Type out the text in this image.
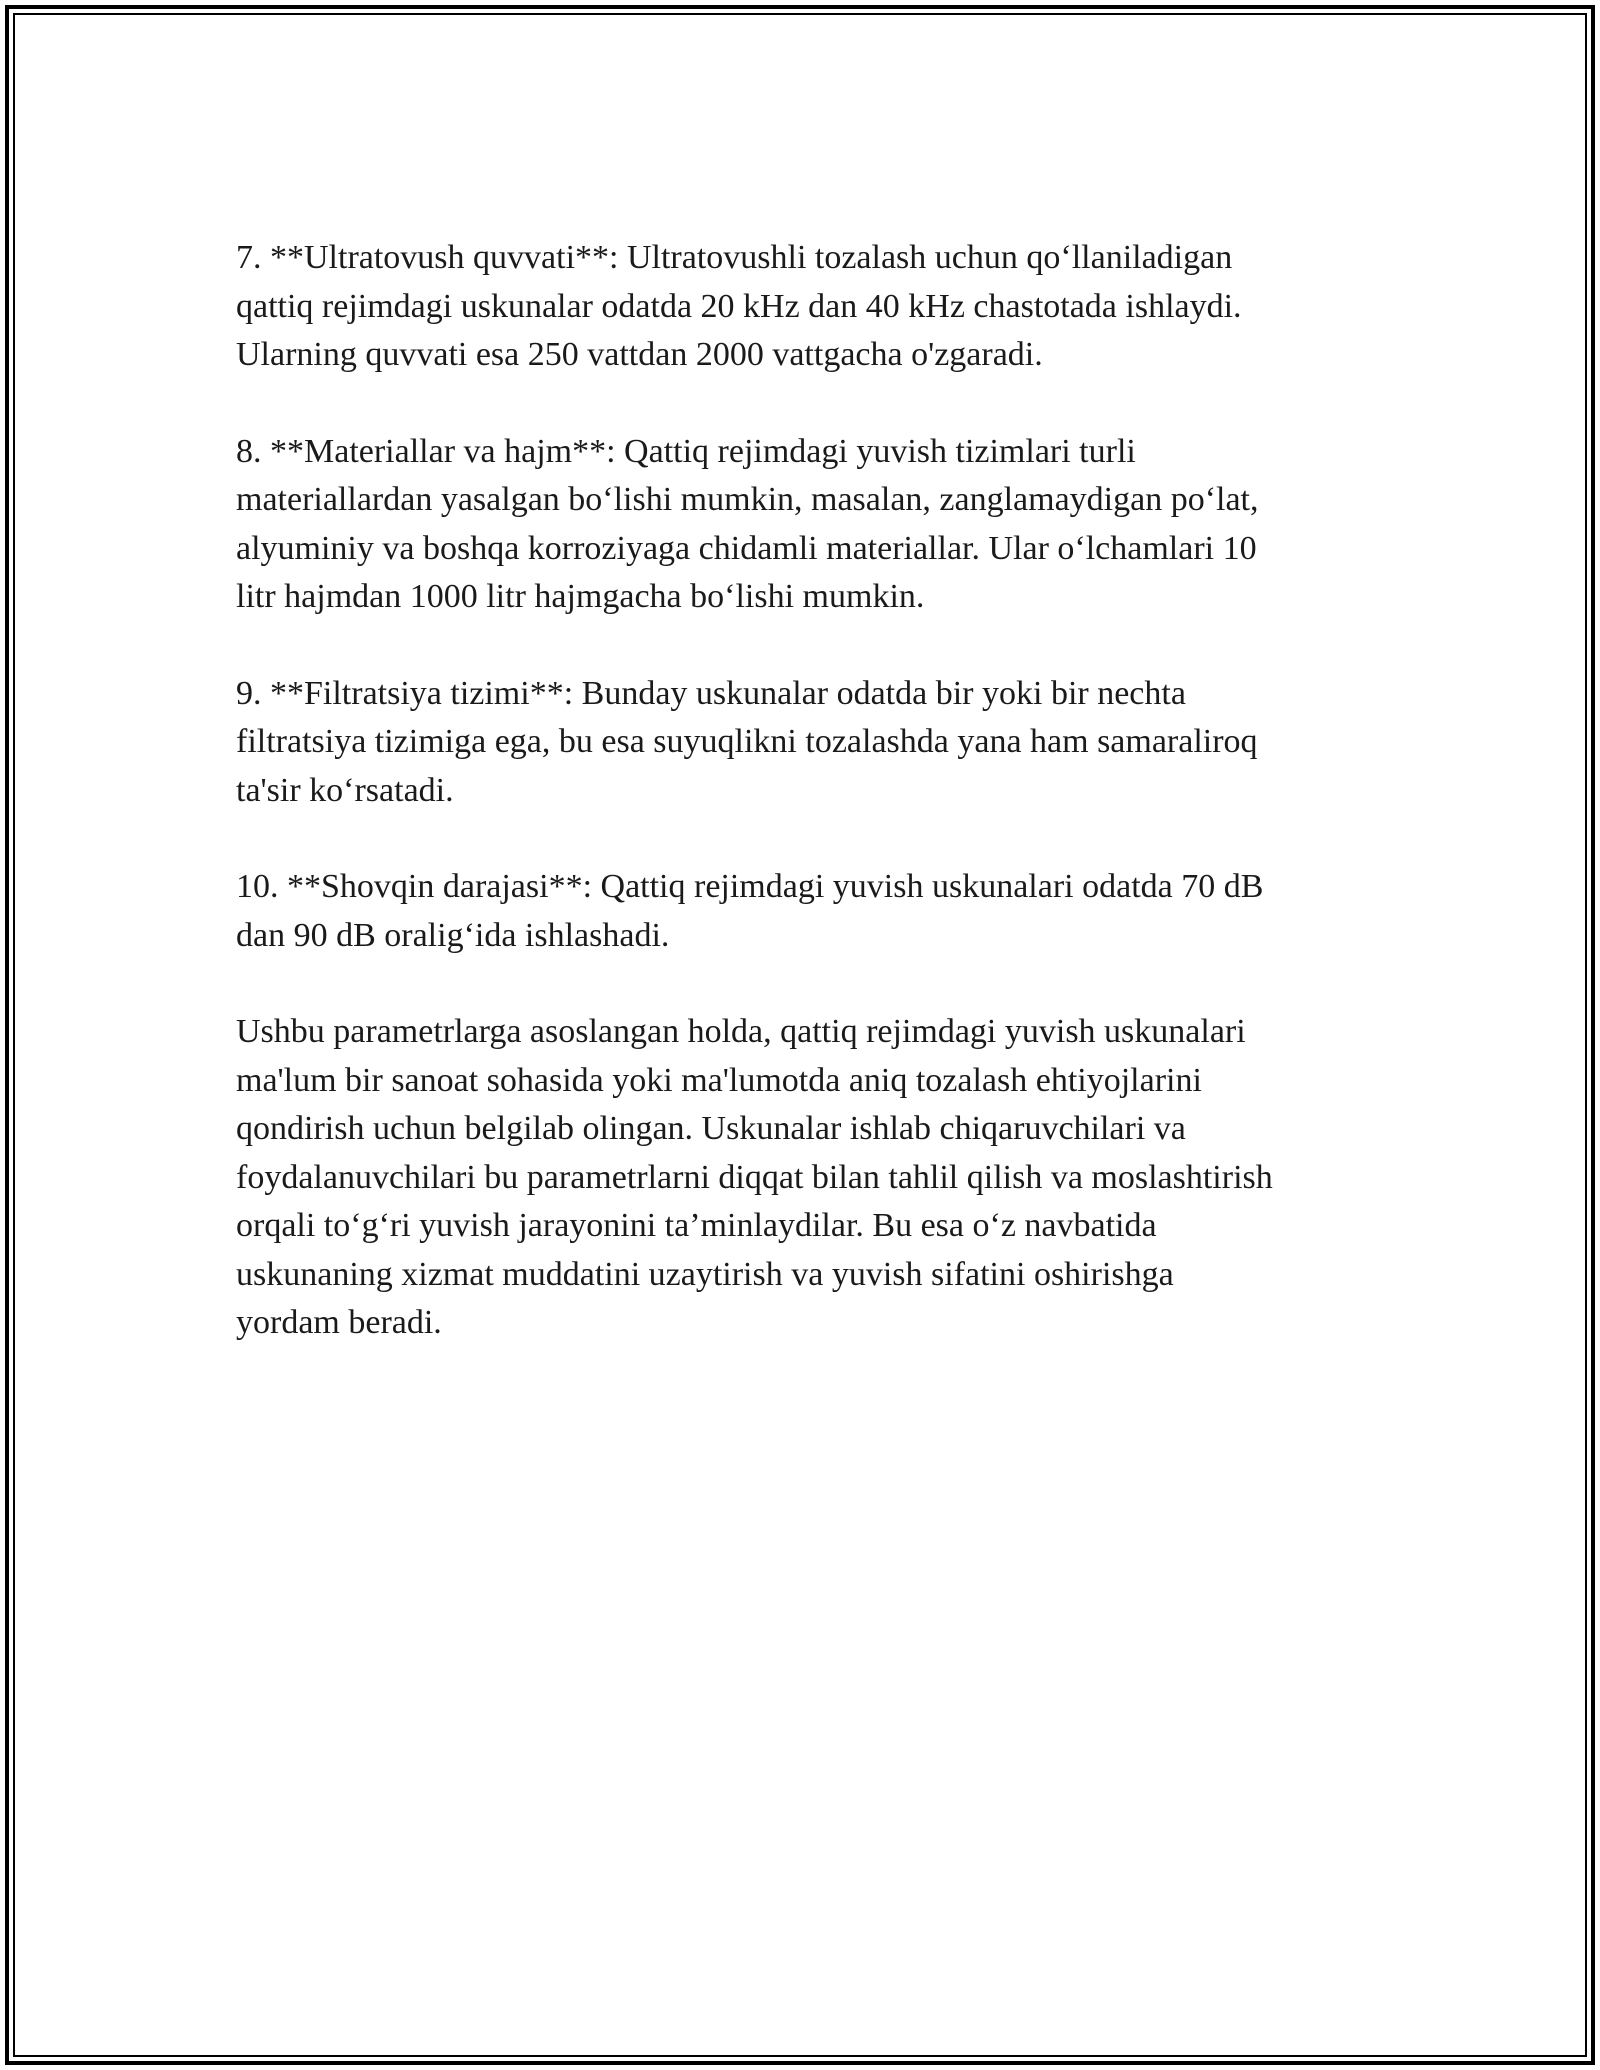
7. **Ultratovush quvvati**: Ultratovushli tozalash uchun qo‘llaniladigan
qattiq rejimdagi uskunalar odatda 20 kHz dan 40 kHz chastotada ishlaydi.
Ularning quvvati esa 250 vattdan 2000 vattgacha o'zgaradi.

8. **Materiallar va hajm**: Qattiq rejimdagi yuvish tizimlari turli
materiallardan yasalgan bo‘lishi mumkin, masalan, zanglamaydigan po‘lat,
alyuminiy va boshqa korroziyaga chidamli materiallar. Ular o‘lchamlari 10
litr hajmdan 1000 litr hajmgacha bo‘lishi mumkin.

9. **Filtratsiya tizimi**: Bunday uskunalar odatda bir yoki bir nechta
filtratsiya tizimiga ega, bu esa suyuqlikni tozalashda yana ham samaraliroq
ta'sir ko‘rsatadi.

10. **Shovqin darajasi**: Qattiq rejimdagi yuvish uskunalari odatda 70 dB
dan 90 dB oralig‘ida ishlashadi.

Ushbu parametrlarga asoslangan holda, qattiq rejimdagi yuvish uskunalari
ma'lum bir sanoat sohasida yoki ma'lumotda aniq tozalash ehtiyojlarini
qondirish uchun belgilab olingan. Uskunalar ishlab chiqaruvchilari va
foydalanuvchilari bu parametrlarni diqqat bilan tahlil qilish va moslashtirish
orqali to‘g‘ri yuvish jarayonini ta’minlaydilar. Bu esa o‘z navbatida
uskunaning xizmat muddatini uzaytirish va yuvish sifatini oshirishga
yordam beradi.
